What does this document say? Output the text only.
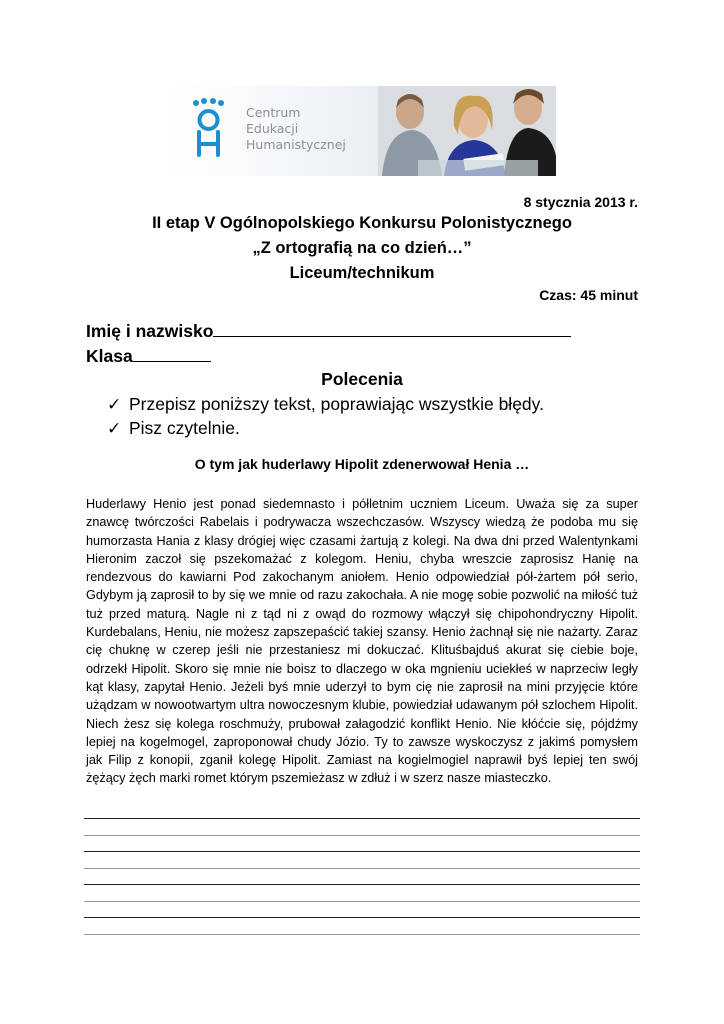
Centrum
Edukacji
Humanistycznej
8 stycznia 2013 r.
II etap V Ogólnopolskiego Konkursu Polonistycznego
„Z ortografią na co dzień…”
Liceum/technikum
Czas: 45 minut
Imię i nazwisko
Klasa
Polecenia
✓ Przepisz poniższy tekst, poprawiając wszystkie błędy.
✓ Pisz czytelnie.
O tym jak huderlawy Hipolit zdenerwował Henia …

Huderlawy Henio jest ponad siedemnasto i półletnim uczniem Liceum. Uważa się za super znawcę twórczości Rabelais i podrywacza wszechczasów. Wszyscy wiedzą że podoba mu się humorzasta Hania z klasy drógiej więc czasami żartują z kolegi. Na dwa dni przed Walentynkami Hieronim zaczoł się pszekomażać z kolegom. Heniu, chyba wreszcie zaprosisz Hanię na rendezvous do kawiarni Pod zakochanym aniołem. Henio odpowiedział pół-żartem pół serio, Gdybym ją zaprosił to by się we mnie od razu zakochała. A nie mogę sobie pozwolić na miłość tuż tuż przed maturą. Nagle ni z tąd ni z owąd do rozmowy włączył się chipohondryczny Hipolit. Kurdebalans, Heniu, nie możesz zapszepaścić takiej szansy. Henio żachnął się nie nażarty. Zaraz cię chuknę w czerep jeśli nie przestaniesz mi dokuczać. Klituśbajduś akurat się ciebie boje, odrzekł Hipolit. Skoro się mnie nie boisz to dlaczego w oka mgnieniu uciekłeś w naprzeciw legły kąt klasy, zapytał Henio. Jeżeli byś mnie uderzył to bym cię nie zaprosił na mini przyjęcie które użądzam w nowootwartym ultra nowoczesnym klubie, powiedział udawanym pół szlochem Hipolit. Niech żesz się kolega roschmuży, prubował załagodzić konflikt Henio. Nie kłóćcie się, pójdźmy lepiej na kogelmogel, zaproponował chudy Józio. Ty to zawsze wyskoczysz z jakimś pomysłem jak Filip z konopii, zganił kolegę Hipolit. Zamiast na kogielmogiel naprawił byś lepiej ten swój żężący żęch marki romet którym pszemieżasz w zdłuż i w szerz nasze miasteczko.
